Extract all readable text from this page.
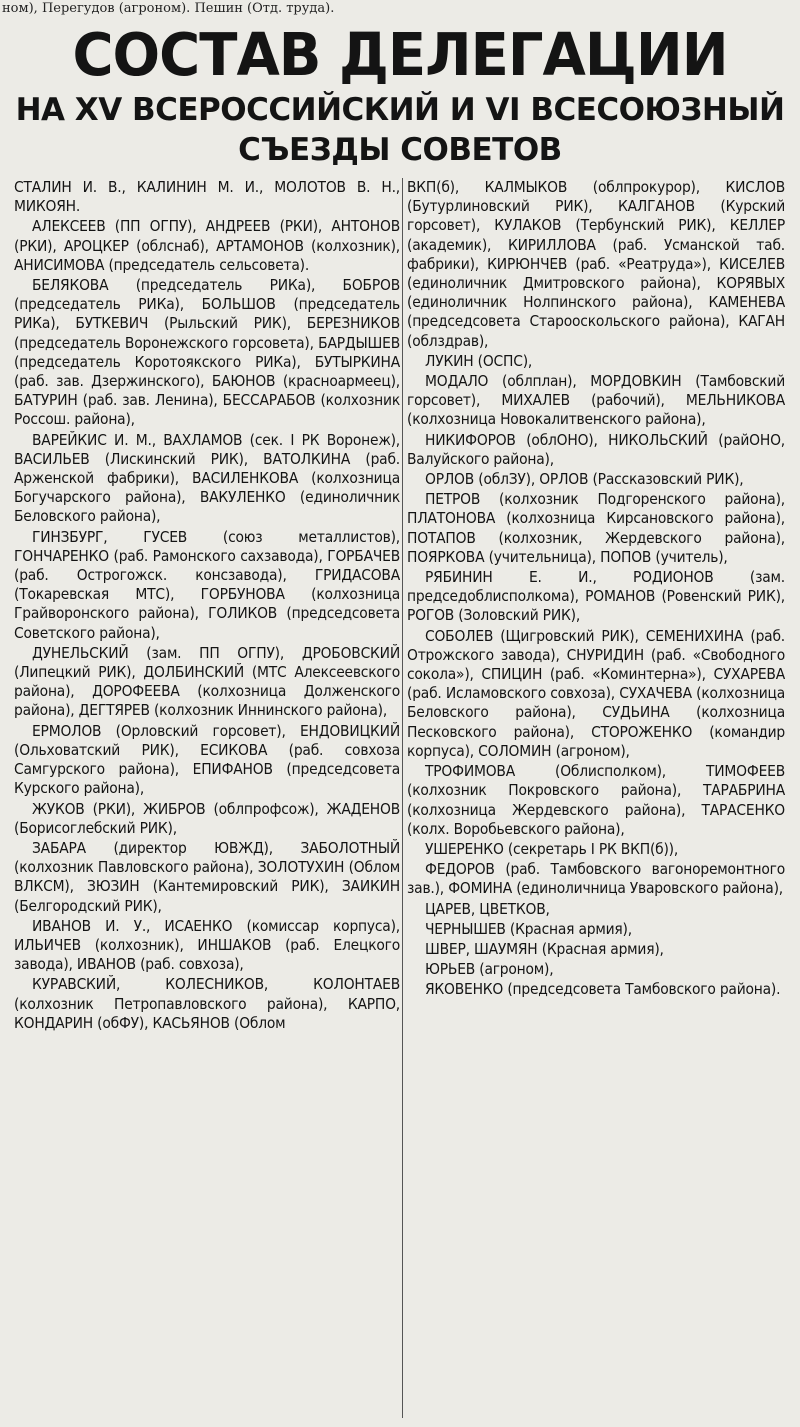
ном), Перегудов (агроном). Пешин (Отд. труда).
СОСТАВ ДЕЛЕГАЦИИ
НА XV ВСЕРОССИЙСКИЙ И VI ВСЕСОЮЗНЫЙ
СЪЕЗДЫ СОВЕТОВ

СТАЛИН И. В., КАЛИНИН М. И., МОЛОТОВ В. Н., МИКОЯН.

АЛЕКСЕЕВ (ПП ОГПУ), АНДРЕЕВ (РКИ), АНТОНОВ (РКИ), АРОЦКЕР (облснаб), АРТАМОНОВ (колхозник), АНИСИМОВА (председатель сельсовета).

БЕЛЯКОВА (председатель РИКа), БОБРОВ (председатель РИКа), БОЛЬШОВ (председатель РИКа), БУТКЕВИЧ (Рыльский РИК), БЕРЕЗНИКОВ (председатель Воронежского горсовета), БАРДЫШЕВ (председатель Коротоякского РИКа), БУТЫРКИНА (раб. зав. Дзержинского), БАЮНОВ (красноармеец), БАТУРИН (раб. зав. Ленина), БЕССАРАБОВ (колхозник Россош. района),

ВАРЕЙКИС И. М., ВАХЛАМОВ (сек. I РК Воронеж), ВАСИЛЬЕВ (Лискинский РИК), ВАТОЛКИНА (раб. Арженской фабрики), ВАСИЛЕНКОВА (колхозница Богучарского района), ВАКУЛЕНКО (единоличник Беловского района),

ГИНЗБУРГ, ГУСЕВ (союз металлистов), ГОНЧАРЕНКО (раб. Рамонского сахзавода), ГОРБАЧЕВ (раб. Острогожск. консзавода), ГРИДАСОВА (Токаревская МТС), ГОРБУНОВА (колхозница Грайворонского района), ГОЛИКОВ (председсовета Советского района),

ДУНЕЛЬСКИЙ (зам. ПП ОГПУ), ДРОБОВСКИЙ (Липецкий РИК), ДОЛБИНСКИЙ (МТС Алексеевского района), ДОРОФЕЕВА (колхозница Долженского района), ДЕГТЯРЕВ (колхозник Иннинского района),

ЕРМОЛОВ (Орловский горсовет), ЕНДОВИЦКИЙ (Ольховатский РИК), ЕСИКОВА (раб. совхоза Самгурского района), ЕПИФАНОВ (председсовета Курского района),

ЖУКОВ (РКИ), ЖИБРОВ (облпрофсож), ЖАДЕНОВ (Борисоглебский РИК),

ЗАБАРА (директор ЮВЖД), ЗАБОЛОТНЫЙ (колхозник Павловского района), ЗОЛОТУХИН (Облом ВЛКСМ), ЗЮЗИН (Кантемировский РИК), ЗАИКИН (Белгородский РИК),

ИВАНОВ И. У., ИСАЕНКО (комиссар корпуса), ИЛЬИЧЕВ (колхозник), ИНШАКОВ (раб. Елецкого завода), ИВАНОВ (раб. совхоза),

КУРАВСКИЙ, КОЛЕСНИКОВ, КОЛОНТАЕВ (колхозник Петропавловского района), КАРПО, КОНДАРИН (обФУ), КАСЬЯНОВ (Облом

ВКП(б), КАЛМЫКОВ (облпрокурор), КИСЛОВ (Бутурлиновский РИК), КАЛГАНОВ (Курский горсовет), КУЛАКОВ (Тербунский РИК), КЕЛЛЕР (академик), КИРИЛЛОВА (раб. Усманской таб. фабрики), КИРЮНЧЕВ (раб. «Реатруда»), КИСЕЛЕВ (единоличник Дмитровского района), КОРЯВЫХ (единоличник Нолпинского района), КАМЕНЕВА (председсовета Старооскольского района), КАГАН (облздрав),

ЛУКИН (ОСПС),

МОДАЛО (облплан), МОРДОВКИН (Тамбовский горсовет), МИХАЛЕВ (рабочий), МЕЛЬНИКОВА (колхозница Новокалитвенского района),

НИКИФОРОВ (облОНО), НИКОЛЬСКИЙ (райОНО, Валуйского района),

ОРЛОВ (облЗУ), ОРЛОВ (Рассказовский РИК),

ПЕТРОВ (колхозник Подгоренского района), ПЛАТОНОВА (колхозница Кирсановского района), ПОТАПОВ (колхозник, Жердевского района), ПОЯРКОВА (учительница), ПОПОВ (учитель),

РЯБИНИН Е. И., РОДИОНОВ (зам. председоблисполкома), РОМАНОВ (Ровенский РИК), РОГОВ (Золовский РИК),

СОБОЛЕВ (Щигровский РИК), СЕМЕНИХИНА (раб. Отрожского завода), СНУРИДИН (раб. «Свободного сокола»), СПИЦИН (раб. «Коминтерна»), СУХАРЕВА (раб. Исламовского совхоза), СУХАЧЕВА (колхозница Беловского района), СУДЬИНА (колхозница Песковского района), СТОРОЖЕНКО (командир корпуса), СОЛОМИН (агроном),

ТРОФИМОВА (Облисполком), ТИМОФЕЕВ (колхозник Покровского района), ТАРАБРИНА (колхозница Жердевского района), ТАРАСЕНКО (колх. Воробьевского района),

УШЕРЕНКО (секретарь I РК ВКП(б)),

ФЕДОРОВ (раб. Тамбовского вагоноремонтного зав.), ФОМИНА (единоличница Уваровского района),

ЦАРЕВ, ЦВЕТКОВ,

ЧЕРНЫШЕВ (Красная армия),

ШВЕР, ШАУМЯН (Красная армия),

ЮРЬЕВ (агроном),

ЯКОВЕНКО (председсовета Тамбовского района).
